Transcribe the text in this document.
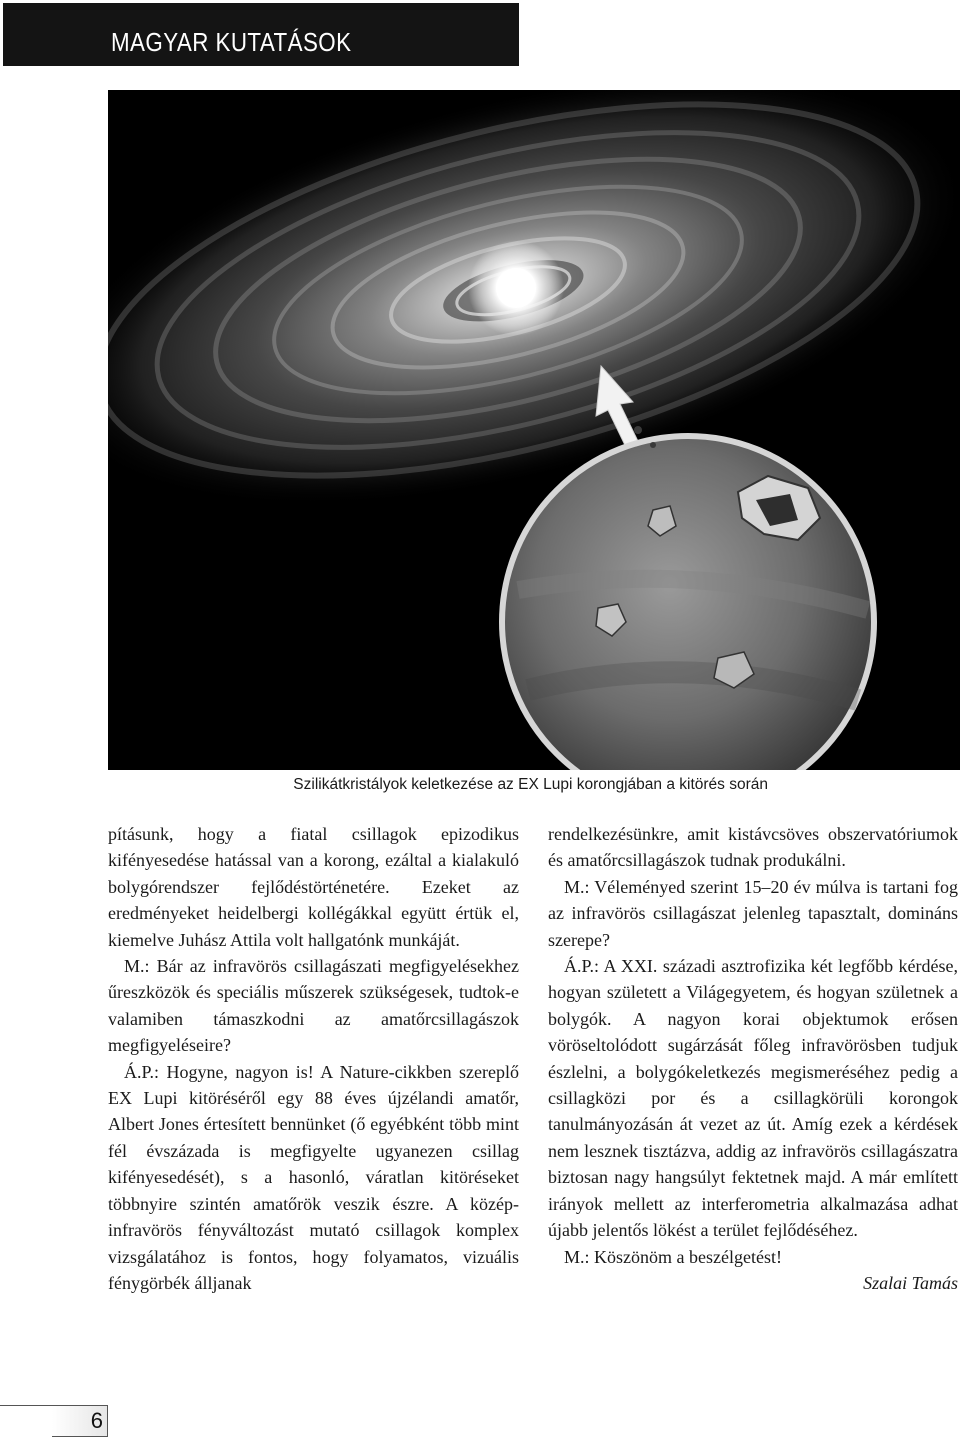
MAGYAR KUTATÁSOK
Szilikátkristályok keletkezése az EX Lupi korongjában a kitörés során

pításunk, hogy a fiatal csillagok epizodikus kifényesedése hatással van a korong, ezáltal a kialakuló bolygórendszer fejlődéstörténetére. Ezeket az eredményeket heidelbergi kollégákkal együtt értük el, kiemelve Juhász Attila volt hallgatónk munkáját.

M.: Bár az infravörös csillagászati megfigyelésekhez űreszközök és speciális műszerek szükségesek, tudtok-e valamiben támaszkodni az amatőrcsillagászok megfigyeléseire?

Á.P.: Hogyne, nagyon is! A Nature-cikkben szereplő EX Lupi kitöréséről egy 88 éves újzélandi amatőr, Albert Jones értesített bennünket (ő egyébként több mint fél évszázada is megfigyelte ugyanezen csillag kifényesedését), s a hasonló, váratlan kitöréseket többnyire szintén amatőrök veszik észre. A közép-infravörös fényváltozást mutató csillagok komplex vizsgálatához is fontos, hogy folyamatos, vizuális fénygörbék álljanak

rendelkezésünkre, amit kistávcsöves obszervatóriumok és amatőrcsillagászok tudnak produkálni.

M.: Véleményed szerint 15–20 év múlva is tartani fog az infravörös csillagászat jelenleg tapasztalt, domináns szerepe?

Á.P.: A XXI. századi asztrofizika két legfőbb kérdése, hogyan született a Világegyetem, és hogyan születnek a bolygók. A nagyon korai objektumok erősen vöröseltolódott sugárzását főleg infravörösben tudjuk észlelni, a bolygókeletkezés megismeréséhez pedig a csillagközi por és a csillagkörüli korongok tanulmányozásán át vezet az út. Amíg ezek a kérdések nem lesznek tisztázva, addig az infravörös csillagászatra biztosan nagy hangsúlyt fektetnek majd. A már említett irányok mellett az interferometria alkalmazása adhat újabb jelentős lökést a terület fejlődéséhez.

M.: Köszönöm a beszélgetést!

Szalai Tamás
6
